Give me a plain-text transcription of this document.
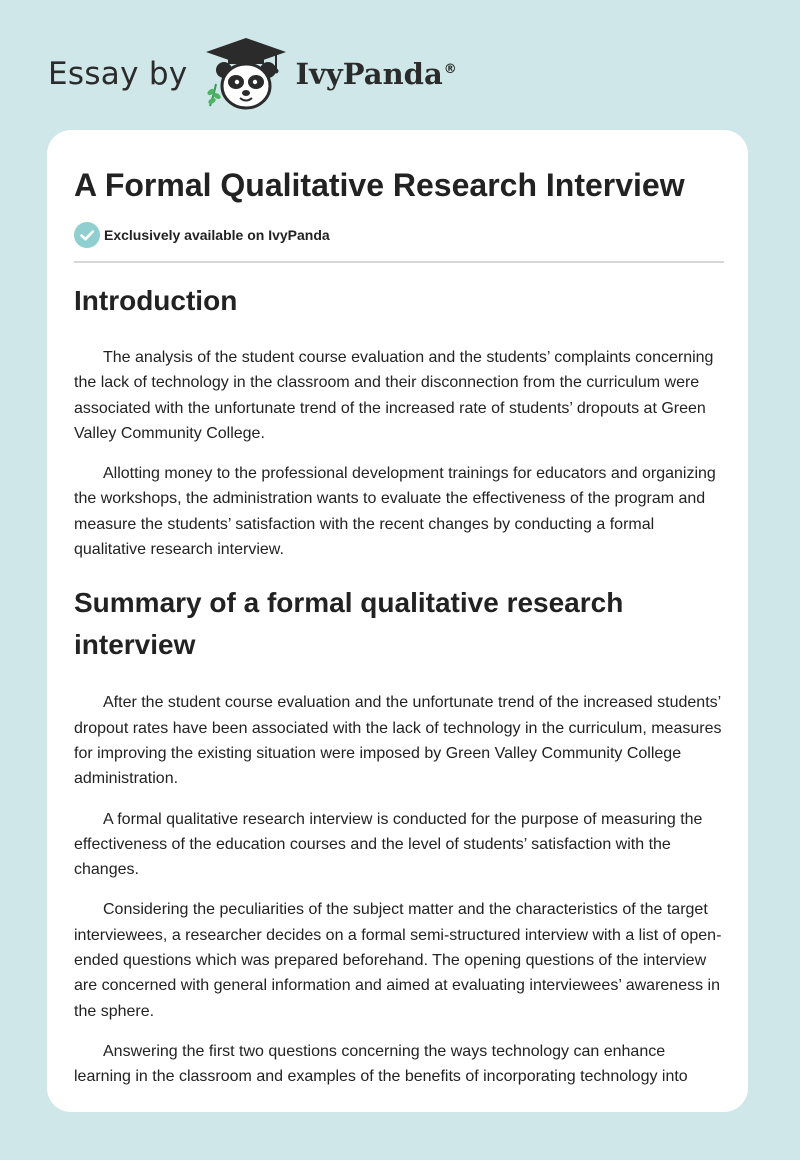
Essay by	IvyPanda®
A Formal Qualitative Research Interview
Exclusively available on IvyPanda
Introduction

The analysis of the student course evaluation and the students’ complaints concerning the lack of technology in the classroom and their disconnection from the curriculum were associated with the unfortunate trend of the increased rate of students’ dropouts at Green Valley Community College.

Allotting money to the professional development trainings for educators and organizing the workshops, the administration wants to evaluate the effectiveness of the program and measure the students’ satisfaction with the recent changes by conducting a formal qualitative research interview.

Summary of a formal qualitative research interview

After the student course evaluation and the unfortunate trend of the increased students’ dropout rates have been associated with the lack of technology in the curriculum, measures for improving the existing situation were imposed by Green Valley Community College administration.

A formal qualitative research interview is conducted for the purpose of measuring the effectiveness of the education courses and the level of students’ satisfaction with the changes.

Considering the peculiarities of the subject matter and the characteristics of the target interviewees, a researcher decides on a formal semi-structured interview with a list of open-ended questions which was prepared beforehand. The opening questions of the interview are concerned with general information and aimed at evaluating interviewees’ awareness in the sphere.

Answering the first two questions concerning the ways technology can enhance learning in the classroom and examples of the benefits of incorporating technology into
